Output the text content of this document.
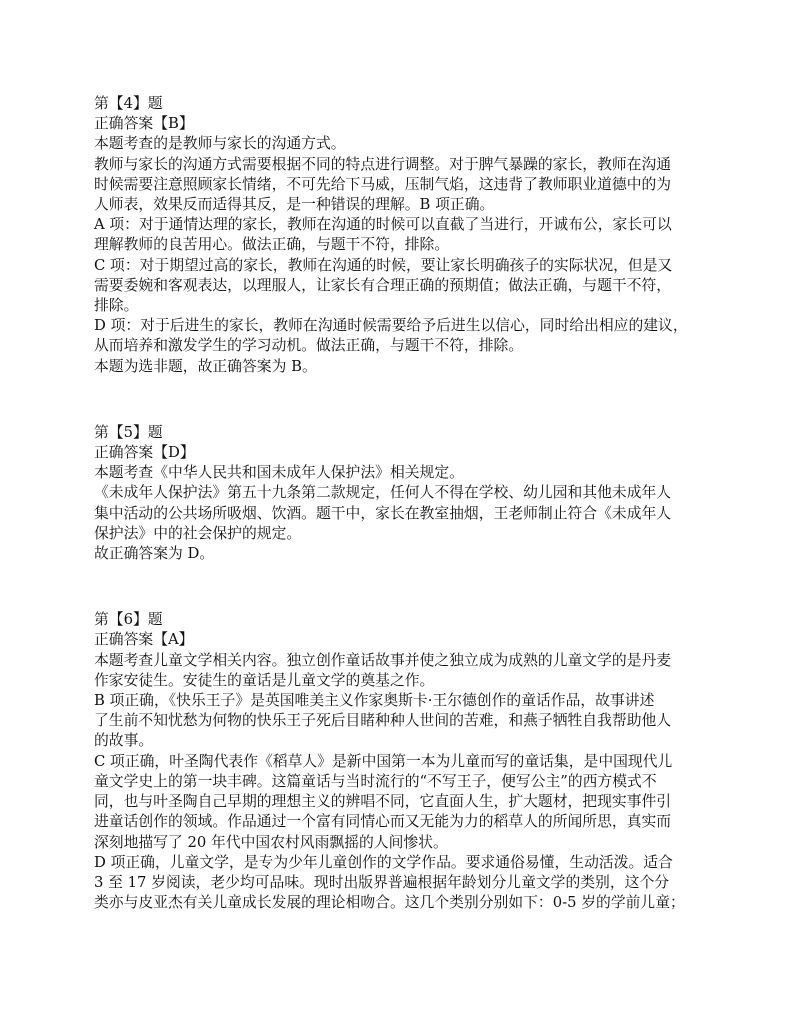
第【4】题
正确答案【B】
本题考查的是教师与家长的沟通方式。
教师与家长的沟通方式需要根据不同的特点进行调整。对于脾气暴躁的家长，教师在沟通
时候需要注意照顾家长情绪，不可先给下马威，压制气焰，这违背了教师职业道德中的为
人师表，效果反而适得其反，是一种错误的理解。B 项正确。
A 项：对于通情达理的家长，教师在沟通的时候可以直截了当进行，开诚布公，家长可以
理解教师的良苦用心。做法正确，与题干不符，排除。
C 项：对于期望过高的家长，教师在沟通的时候，要让家长明确孩子的实际状况，但是又
需要委婉和客观表达，以理服人，让家长有合理正确的预期值；做法正确，与题干不符，
排除。
D 项：对于后进生的家长，教师在沟通时候需要给予后进生以信心，同时给出相应的建议，
从而培养和激发学生的学习动机。做法正确，与题干不符，排除。
本题为选非题，故正确答案为 B。
第【5】题
正确答案【D】
本题考查《中华人民共和国未成年人保护法》相关规定。
《未成年人保护法》第五十九条第二款规定，任何人不得在学校、幼儿园和其他未成年人
集中活动的公共场所吸烟、饮酒。题干中，家长在教室抽烟，王老师制止符合《未成年人
保护法》中的社会保护的规定。
故正确答案为 D。
第【6】题
正确答案【A】
本题考查儿童文学相关内容。独立创作童话故事并使之独立成为成熟的儿童文学的是丹麦
作家安徒生。安徒生的童话是儿童文学的奠基之作。
B 项正确，《快乐王子》是英国唯美主义作家奥斯卡·王尔德创作的童话作品，故事讲述
了生前不知忧愁为何物的快乐王子死后目睹种种人世间的苦难，和燕子牺牲自我帮助他人
的故事。
C 项正确，叶圣陶代表作《稻草人》是新中国第一本为儿童而写的童话集，是中国现代儿
童文学史上的第一块丰碑。这篇童话与当时流行的“不写王子，便写公主”的西方模式不
同，也与叶圣陶自己早期的理想主义的辨唱不同，它直面人生，扩大题材，把现实事件引
进童话创作的领域。作品通过一个富有同情心而又无能为力的稻草人的所闻所思，真实而
深刻地描写了 20 年代中国农村风雨飘摇的人间惨状。
D 项正确，儿童文学，是专为少年儿童创作的文学作品。要求通俗易懂，生动活泼。适合
3 至 17 岁阅读，老少均可品味。现时出版界普遍根据年龄划分儿童文学的类别，这个分
类亦与皮亚杰有关儿童成长发展的理论相吻合。这几个类别分别如下：0-5 岁的学前儿童；
